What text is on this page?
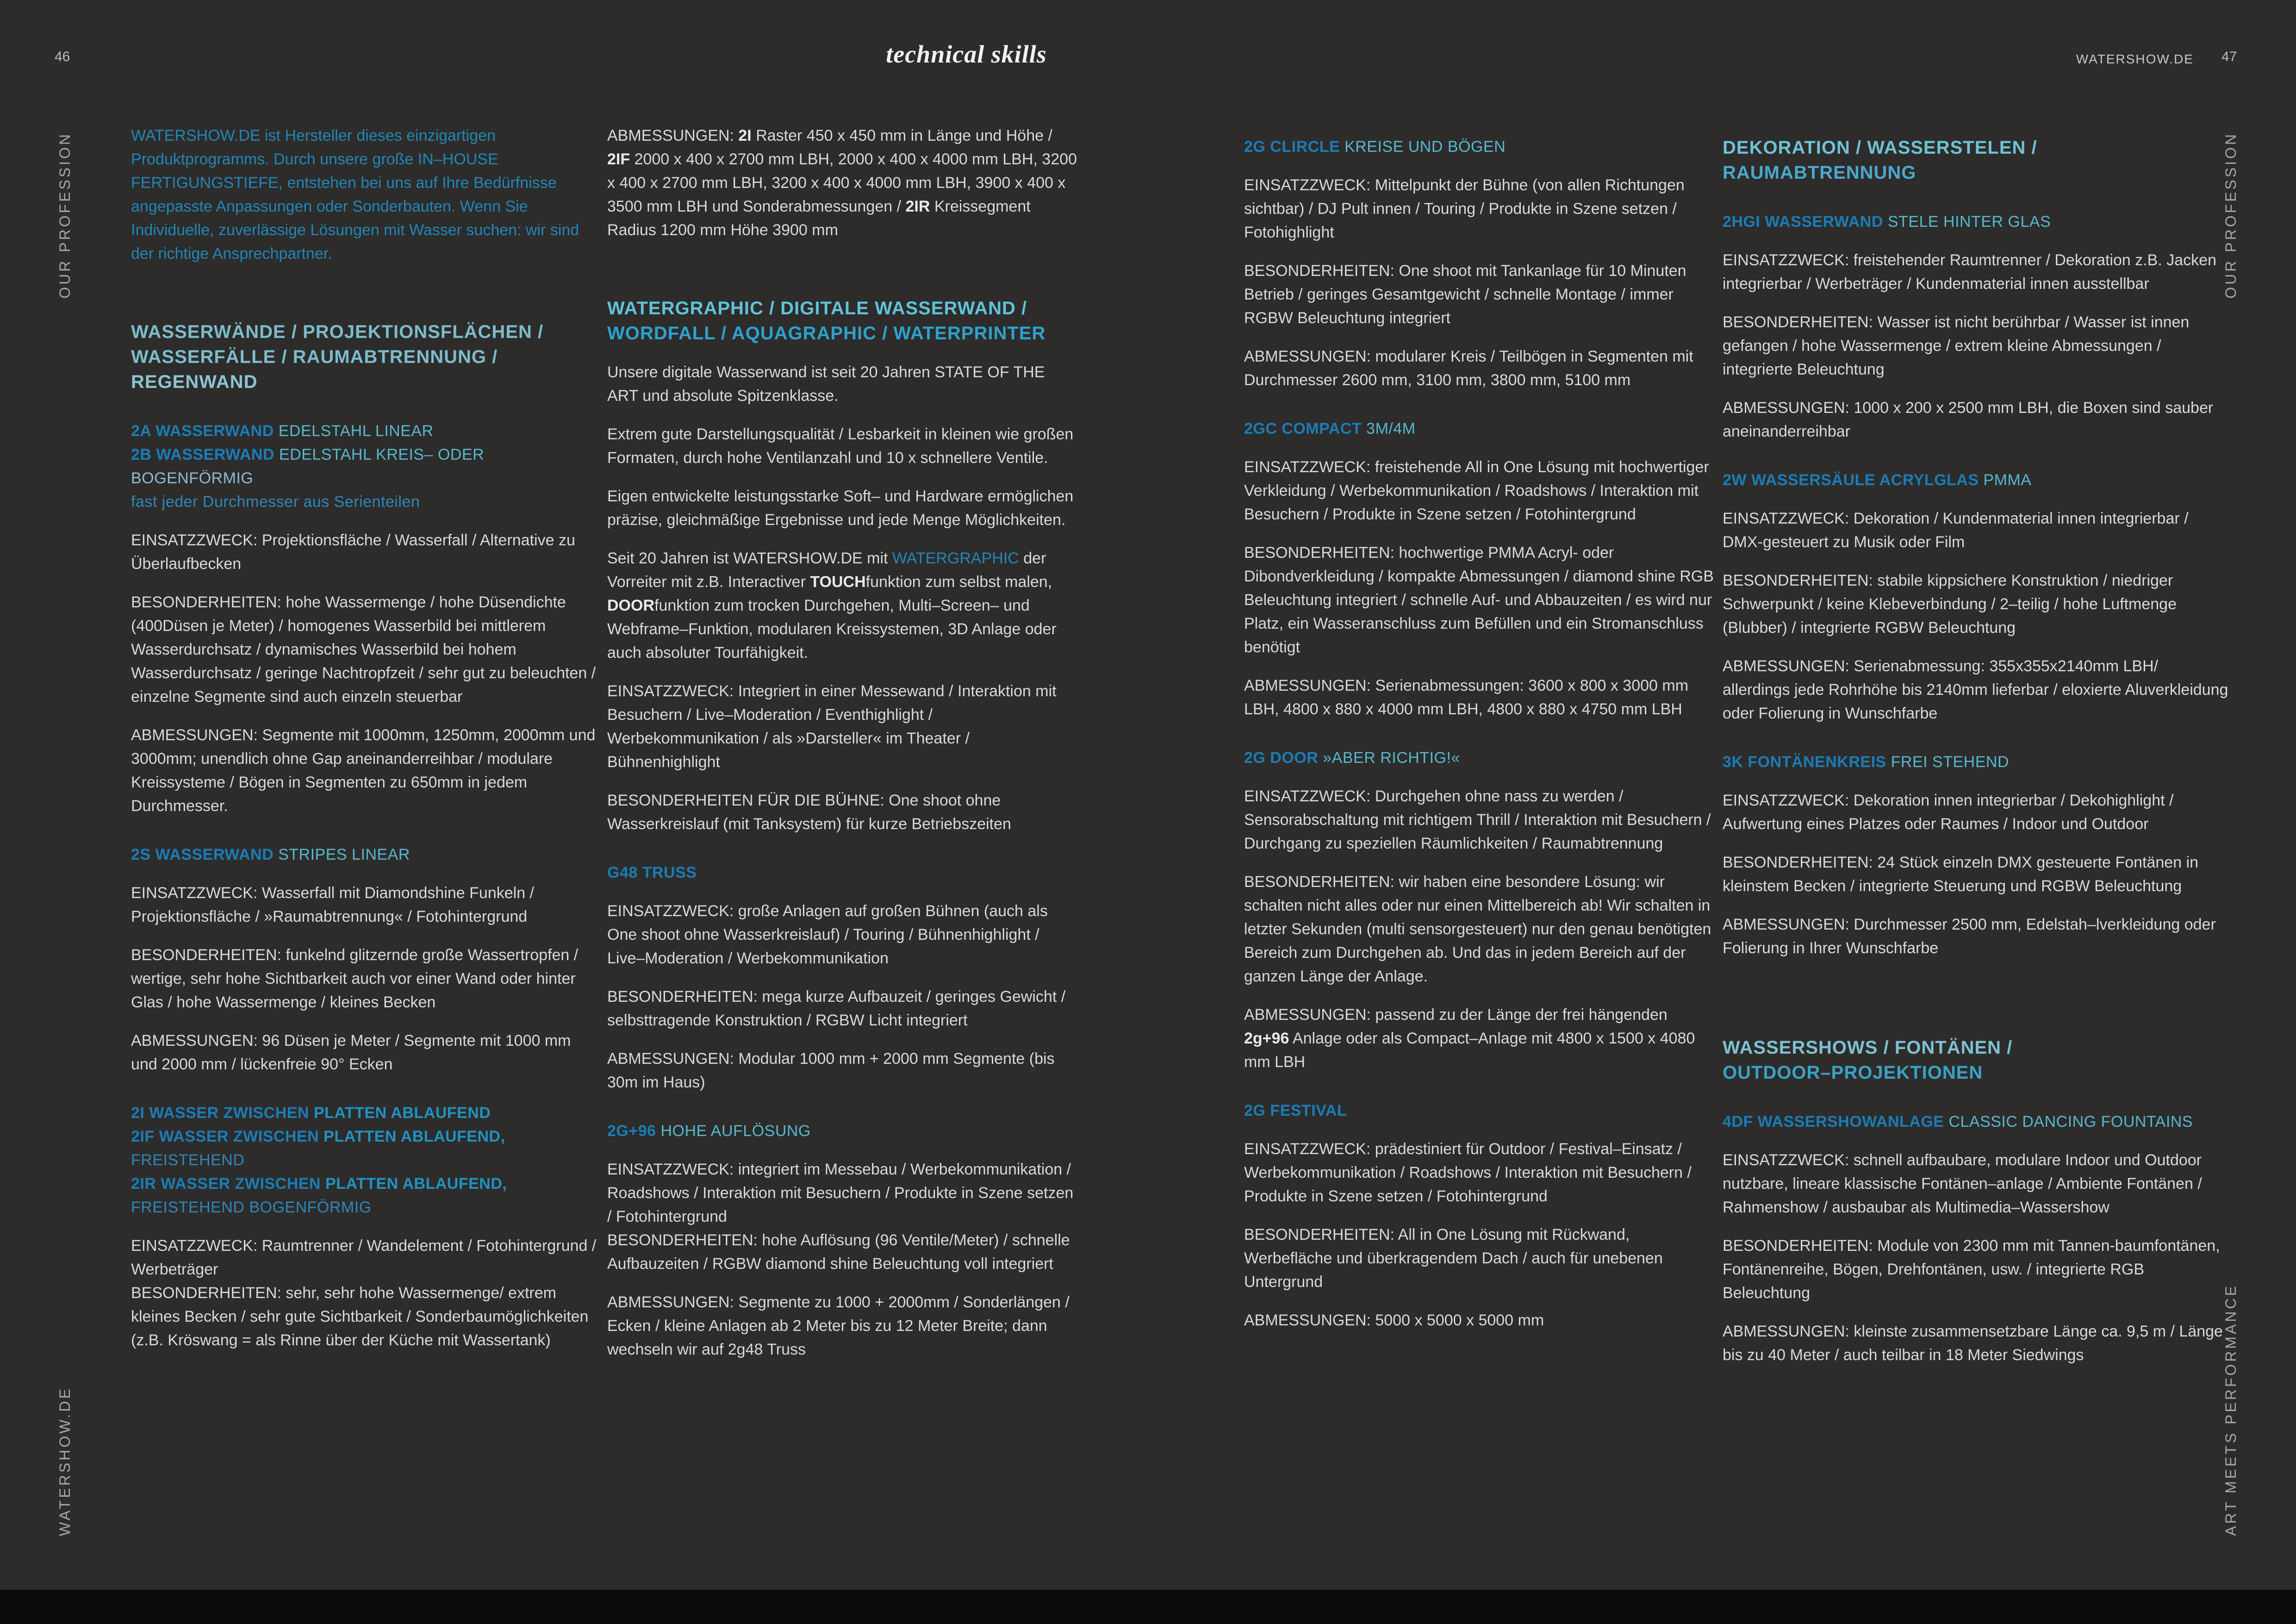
46	technical skills	WATERSHOW.DE 47
OUR PROFESSION
WATERSHOW.DE
OUR PROFESSION
ART MEETS PERFORMANCE
WATERSHOW.DE ist Hersteller dieses einzigartigen Produktprogramms. Durch unsere große IN–HOUSE FERTIGUNGSTIEFE, entstehen bei uns auf Ihre Bedürfnisse angepasste Anpassungen oder Sonderbauten. Wenn Sie Individuelle, zuverlässige Lösungen mit Wasser suchen: wir sind der richtige Ansprechpartner.
WASSERWÄNDE / PROJEKTIONSFLÄCHEN /
WASSERFÄLLE / RAUMABTRENNUNG /
REGENWAND
2A WASSERWAND EDELSTAHL LINEAR
2B WASSERWAND EDELSTAHL KREIS– ODER
BOGENFÖRMIG
fast jeder Durchmesser aus Serienteilen
EINSATZZWECK: Projektionsfläche / Wasserfall / Alternative zu Überlaufbecken
BESONDERHEITEN: hohe Wassermenge / hohe Düsendichte (400Düsen je Meter) / homogenes Wasserbild bei mittlerem Wasserdurchsatz / dynamisches Wasserbild bei hohem Wasserdurchsatz / geringe Nachtropfzeit / sehr gut zu beleuchten / einzelne Segmente sind auch einzeln steuerbar
ABMESSUNGEN: Segmente mit 1000mm, 1250mm, 2000mm und 3000mm; unendlich ohne Gap aneinanderreihbar / modulare Kreissysteme / Bögen in Segmenten zu 650mm in jedem Durchmesser.
2S WASSERWAND STRIPES LINEAR
EINSATZZWECK: Wasserfall mit Diamondshine Funkeln / Projektionsfläche / »Raumabtrennung« / Fotohintergrund
BESONDERHEITEN: funkelnd glitzernde große Wassertropfen / wertige, sehr hohe Sichtbarkeit auch vor einer Wand oder hinter Glas / hohe Wassermenge / kleines Becken
ABMESSUNGEN: 96 Düsen je Meter / Segmente mit 1000 mm und 2000 mm / lückenfreie 90° Ecken
2I WASSER ZWISCHEN PLATTEN ABLAUFEND
2IF WASSER ZWISCHEN PLATTEN ABLAUFEND,
FREISTEHEND
2IR WASSER ZWISCHEN PLATTEN ABLAUFEND,
FREISTEHEND BOGENFÖRMIG
EINSATZZWECK: Raumtrenner / Wandelement / Fotohintergrund / Werbeträger
BESONDERHEITEN: sehr, sehr hohe Wassermenge/ extrem kleines Becken / sehr gute Sichtbarkeit / Sonderbaumöglichkeiten
(z.B. Kröswang = als Rinne über der Küche mit Wassertank)
ABMESSUNGEN: 2I Raster 450 x 450 mm in Länge und Höhe / 2IF 2000 x 400 x 2700 mm LBH, 2000 x 400 x 4000 mm LBH, 3200 x 400 x 2700 mm LBH, 3200 x 400 x 4000 mm LBH, 3900 x 400 x 3500 mm LBH und Sonderabmessungen / 2IR Kreissegment Radius 1200 mm Höhe 3900 mm
WATERGRAPHIC / DIGITALE WASSERWAND /
WORDFALL / AQUAGRAPHIC / WATERPRINTER
Unsere digitale Wasserwand ist seit 20 Jahren STATE OF THE ART und absolute Spitzenklasse.
Extrem gute Darstellungsqualität / Lesbarkeit in kleinen wie großen Formaten, durch hohe Ventilanzahl und 10 x schnellere Ventile.
Eigen entwickelte leistungsstarke Soft– und Hardware ermöglichen präzise, gleichmäßige Ergebnisse und jede Menge Möglichkeiten.
Seit 20 Jahren ist WATERSHOW.DE mit WATERGRAPHIC der Vorreiter mit z.B. Interactiver TOUCHfunktion zum selbst malen, DOORfunktion zum trocken Durchgehen, Multi–Screen– und Webframe–Funktion, modularen Kreissystemen, 3D Anlage oder auch absoluter Tourfähigkeit.
EINSATZZWECK: Integriert in einer Messewand / Interaktion mit Besuchern / Live–Moderation / Eventhighlight / Werbekommunikation / als »Darsteller« im Theater / Bühnenhighlight
BESONDERHEITEN FÜR DIE BÜHNE: One shoot ohne Wasserkreislauf (mit Tanksystem) für kurze Betriebszeiten
G48 TRUSS
EINSATZZWECK: große Anlagen auf großen Bühnen (auch als One shoot ohne Wasserkreislauf) / Touring / Bühnenhighlight / Live–Moderation / Werbekommunikation
BESONDERHEITEN: mega kurze Aufbauzeit / geringes Gewicht / selbsttragende Konstruktion / RGBW Licht integriert
ABMESSUNGEN: Modular 1000 mm + 2000 mm Segmente (bis 30m im Haus)
2G+96 HOHE AUFLÖSUNG
EINSATZZWECK: integriert im Messebau / Werbekommunikation / Roadshows / Interaktion mit Besuchern / Produkte in Szene setzen / Fotohintergrund
BESONDERHEITEN: hohe Auflösung (96 Ventile/Meter) / schnelle Aufbauzeiten / RGBW diamond shine Beleuchtung voll integriert
ABMESSUNGEN: Segmente zu 1000 + 2000mm / Sonderlängen / Ecken / kleine Anlagen ab 2 Meter bis zu 12 Meter Breite; dann wechseln wir auf 2g48 Truss
2G CLIRCLE KREISE UND BÖGEN
EINSATZZWECK: Mittelpunkt der Bühne (von allen Richtungen sichtbar) / DJ Pult innen / Touring / Produkte in Szene setzen / Fotohighlight
BESONDERHEITEN: One shoot mit Tankanlage für 10 Minuten Betrieb / geringes Gesamtgewicht / schnelle Montage / immer RGBW Beleuchtung integriert
ABMESSUNGEN: modularer Kreis / Teilbögen in Segmenten mit Durchmesser 2600 mm, 3100 mm, 3800 mm, 5100 mm
2GC COMPACT 3M/4M
EINSATZZWECK: freistehende All in One Lösung mit hochwertiger Verkleidung / Werbekommunikation / Roadshows / Interaktion mit Besuchern / Produkte in Szene setzen / Fotohintergrund
BESONDERHEITEN: hochwertige PMMA Acryl- oder Dibondverkleidung / kompakte Abmessungen / diamond shine RGB Beleuchtung integriert / schnelle Auf- und Abbauzeiten / es wird nur Platz, ein Wasseranschluss zum Befüllen und ein Stromanschluss benötigt
ABMESSUNGEN: Serienabmessungen: 3600 x 800 x 3000 mm LBH, 4800 x 880 x 4000 mm LBH, 4800 x 880 x 4750 mm LBH
2G DOOR »ABER RICHTIG!«
EINSATZZWECK: Durchgehen ohne nass zu werden / Sensorabschaltung mit richtigem Thrill / Interaktion mit Besuchern / Durchgang zu speziellen Räumlichkeiten / Raumabtrennung
BESONDERHEITEN: wir haben eine besondere Lösung: wir schalten nicht alles oder nur einen Mittelbereich ab! Wir schalten in letzter Sekunden (multi sensorgesteuert) nur den genau benötigten Bereich zum Durchgehen ab. Und das in jedem Bereich auf der ganzen Länge der Anlage.
ABMESSUNGEN: passend zu der Länge der frei hängenden 2g+96 Anlage oder als Compact–Anlage mit 4800 x 1500 x 4080 mm LBH
2G FESTIVAL
EINSATZZWECK: prädestiniert für Outdoor / Festival–Einsatz / Werbekommunikation / Roadshows / Interaktion mit Besuchern / Produkte in Szene setzen / Fotohintergrund
BESONDERHEITEN: All in One Lösung mit Rückwand, Werbefläche und überkragendem Dach / auch für unebenen Untergrund
ABMESSUNGEN: 5000 x 5000 x 5000 mm
DEKORATION / WASSERSTELEN /
RAUMABTRENNUNG
2HGI WASSERWAND STELE HINTER GLAS
EINSATZZWECK: freistehender Raumtrenner / Dekoration z.B. Jacken integrierbar / Werbeträger / Kundenmaterial innen ausstellbar
BESONDERHEITEN: Wasser ist nicht berührbar / Wasser ist innen gefangen / hohe Wassermenge / extrem kleine Abmessungen / integrierte Beleuchtung
ABMESSUNGEN: 1000 x 200 x 2500 mm LBH, die Boxen sind sauber aneinanderreihbar
2W WASSERSÄULE ACRYLGLAS PMMA
EINSATZZWECK: Dekoration / Kundenmaterial innen integrierbar / DMX-gesteuert zu Musik oder Film
BESONDERHEITEN: stabile kippsichere Konstruktion / niedriger Schwerpunkt / keine Klebeverbindung / 2–teilig / hohe Luftmenge (Blubber) / integrierte RGBW Beleuchtung
ABMESSUNGEN: Serienabmessung: 355x355x2140mm LBH/ allerdings jede Rohrhöhe bis 2140mm lieferbar / eloxierte Aluverkleidung oder Folierung in Wunschfarbe
3K FONTÄNENKREIS FREI STEHEND
EINSATZZWECK: Dekoration innen integrierbar / Dekohighlight / Aufwertung eines Platzes oder Raumes / Indoor und Outdoor
BESONDERHEITEN: 24 Stück einzeln DMX gesteuerte Fontänen in kleinstem Becken / integrierte Steuerung und RGBW Beleuchtung
ABMESSUNGEN: Durchmesser 2500 mm, Edelstah–lverkleidung oder Folierung in Ihrer Wunschfarbe
WASSERSHOWS / FONTÄNEN /
OUTDOOR–PROJEKTIONEN
4DF WASSERSHOWANLAGE CLASSIC DANCING FOUNTAINS
EINSATZZWECK: schnell aufbaubare, modulare Indoor und Outdoor nutzbare, lineare klassische Fontänen–anlage / Ambiente Fontänen / Rahmenshow / ausbaubar als Multimedia–Wassershow
BESONDERHEITEN: Module von 2300 mm mit Tannen-baumfontänen, Fontänenreihe, Bögen, Drehfontänen, usw. / integrierte RGB Beleuchtung
ABMESSUNGEN: kleinste zusammensetzbare Länge ca. 9,5 m / Länge bis zu 40 Meter / auch teilbar in 18 Meter Siedwings
